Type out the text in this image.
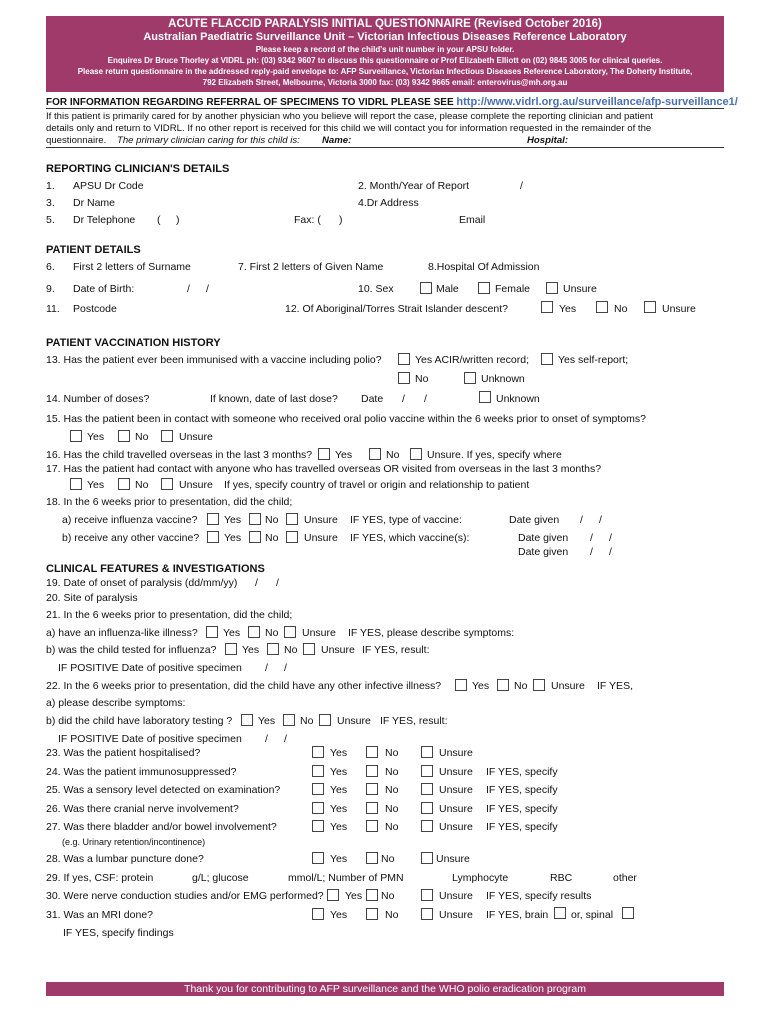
ACUTE FLACCID PARALYSIS INITIAL QUESTIONNAIRE (Revised October 2016)
Australian Paediatric Surveillance Unit – Victorian Infectious Diseases Reference Laboratory
Please keep a record of the child's unit number in your APSU folder.
Enquires Dr Bruce Thorley at VIDRL ph: (03) 9342 9607 to discuss this questionnaire or Prof Elizabeth Elliott on (02) 9845 3005 for clinical queries.
Please return questionnaire in the addressed reply-paid envelope to: AFP Surveillance, Victorian Infectious Diseases Reference Laboratory, The Doherty Institute,
792 Elizabeth Street, Melbourne, Victoria 3000 fax: (03) 9342 9665 email: enterovirus@mh.org.au
FOR INFORMATION REGARDING REFERRAL OF SPECIMENS TO VIDRL PLEASE SEE http://www.vidrl.org.au/surveillance/afp-surveillance1/
If this patient is primarily cared for by another physician who you believe will report the case, please complete the reporting clinician and patient
details only and return to VIDRL. If no other report is received for this child we will contact you for information requested in the remainder of the
questionnaire. The primary clinician caring for this child is: Name:	Hospital:
REPORTING CLINICIAN'S DETAILS
1. APSU Dr Code	2. Month/Year of Report	/
3. Dr Name	4.Dr Address
5. Dr Telephone ( )	Fax: ( )	Email
PATIENT DETAILS
6. First 2 letters of Surname	7. First 2 letters of Given Name	8.Hospital Of Admission
9. Date of Birth:	/ /	10. Sex	Male	Female	Unsure
11. Postcode	12. Of Aboriginal/Torres Strait Islander descent?	Yes	No	Unsure
PATIENT VACCINATION HISTORY
13. Has the patient ever been immunised with a vaccine including polio?	Yes ACIR/written record;	Yes self-report;
No	Unknown
14. Number of doses?	If known, date of last dose? Date / /	Unknown
15. Has the patient been in contact with someone who received oral polio vaccine within the 6 weeks prior to onset of symptoms?
Yes	No	Unsure
16. Has the child travelled overseas in the last 3 months? Yes	No	Unsure. If yes, specify where
17. Has the patient had contact with anyone who has travelled overseas OR visited from overseas in the last 3 months?
Yes	No	Unsure If yes, specify country of travel or origin and relationship to patient
18. In the 6 weeks prior to presentation, did the child;
a) receive influenza vaccine?	Yes No Unsure IF YES, type of vaccine:	Date given / /
b) receive any other vaccine? Yes No Unsure IF YES, which vaccine(s):	Date given / /
Date given / /
CLINICAL FEATURES & INVESTIGATIONS
19. Date of onset of paralysis (dd/mm/yy) / /
20. Site of paralysis
21. In the 6 weeks prior to presentation, did the child;
a) have an influenza-like illness? Yes No Unsure IF YES, please describe symptoms:
b) was the child tested for influenza? Yes No Unsure IF YES, result:
IF POSITIVE Date of positive specimen / /
22. In the 6 weeks prior to presentation, did the child have any other infective illness?	Yes No Unsure IF YES,
a) please describe symptoms:
b) did the child have laboratory testing ? Yes No Unsure IF YES, result:
IF POSITIVE Date of positive specimen / /
23. Was the patient hospitalised?	Yes	No	Unsure
24. Was the patient immunosuppressed?	Yes	No	Unsure IF YES, specify
25. Was a sensory level detected on examination?	Yes	No	Unsure IF YES, specify
26. Was there cranial nerve involvement?	Yes	No	Unsure IF YES, specify
27. Was there bladder and/or bowel involvement?	Yes	No	Unsure IF YES, specify
(e.g. Urinary retention/incontinence)
28. Was a lumbar puncture done?	Yes	No	Unsure
29. If yes, CSF: protein	g/L; glucose	mmol/L; Number of PMN	Lymphocyte	RBC	other
30. Were nerve conduction studies and/or EMG performed? Yes No	Unsure IF YES, specify results
31. Was an MRI done?	Yes	No	Unsure IF YES, brain or, spinal
IF YES, specify findings
Thank you for contributing to AFP surveillance and the WHO polio eradication program
